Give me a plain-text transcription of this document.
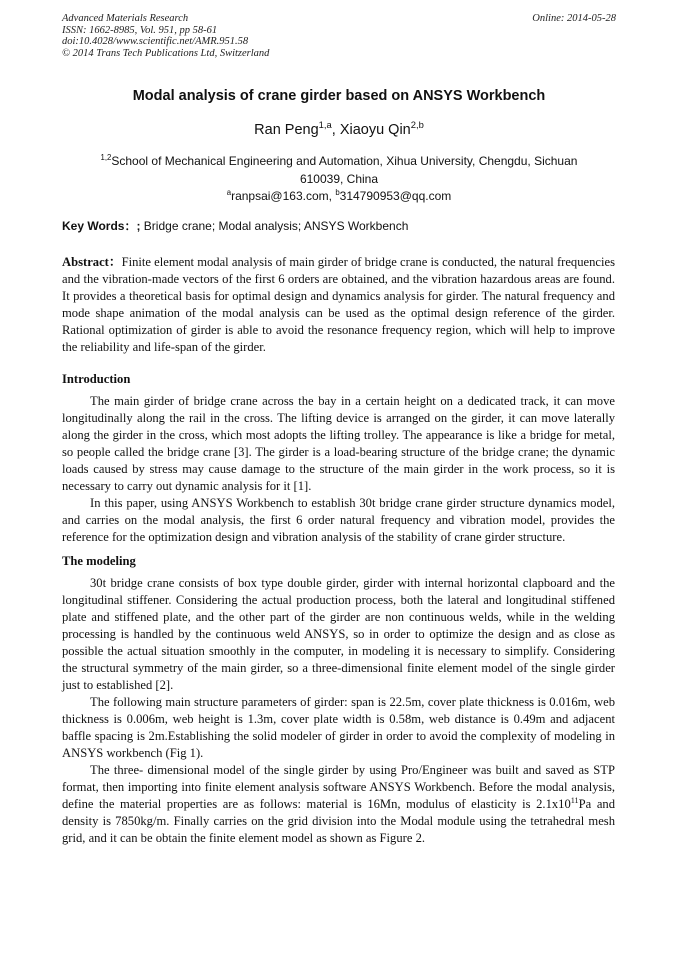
Advanced Materials Research
ISSN: 1662-8985, Vol. 951, pp 58-61
doi:10.4028/www.scientific.net/AMR.951.58
© 2014 Trans Tech Publications Ltd, Switzerland
Online: 2014-05-28
Modal analysis of crane girder based on ANSYS Workbench
Ran Peng$^{1,a}$, Xiaoyu Qin$^{2,b}$
$^{1,2}$School of Mechanical Engineering and Automation, Xihua University, Chengdu, Sichuan
610039, China
$^a$ranpsai@163.com, $^b$314790953@qq.com
Key Words：; Bridge crane; Modal analysis; ANSYS Workbench

Abstract：Finite element modal analysis of main girder of bridge crane is conducted, the natural frequencies and the vibration-made vectors of the first 6 orders are obtained, and the vibration hazardous areas are found. It provides a theoretical basis for optimal design and dynamics analysis for girder. The natural frequency and mode shape animation of the modal analysis can be used as the optimal design reference of the girder. Rational optimization of girder is able to avoid the resonance frequency region, which will help to improve the reliability and life-span of the girder.

Introduction

The main girder of bridge crane across the bay in a certain height on a dedicated track, it can move longitudinally along the rail in the cross. The lifting device is arranged on the girder, it can move laterally along the girder in the cross, which most adopts the lifting trolley. The appearance is like a bridge for metal, so people called the bridge crane [3]. The girder is a load-bearing structure of the bridge crane; the dynamic loads caused by stress may cause damage to the structure of the main girder in the work process, so it is necessary to carry out dynamic analysis for it [1].

In this paper, using ANSYS Workbench to establish 30t bridge crane girder structure dynamics model, and carries on the modal analysis, the first 6 order natural frequency and vibration model, provides the reference for the optimization design and vibration analysis of the stability of crane girder structure.

The modeling

30t bridge crane consists of box type double girder, girder with internal horizontal clapboard and the longitudinal stiffener. Considering the actual production process, both the lateral and longitudinal stiffened plate and stiffened plate, and the other part of the girder are non continuous welds, while in the welding processing is handled by the continuous weld ANSYS, so in order to optimize the design and as close as possible the actual situation smoothly in the computer, in modeling it is necessary to simplify. Considering the structural symmetry of the main girder, so a three-dimensional finite element model of the single girder just to established [2].

The following main structure parameters of girder: span is 22.5m, cover plate thickness is 0.016m, web thickness is 0.006m, web height is 1.3m, cover plate width is 0.58m, web distance is 0.49m and adjacent baffle spacing is 2m.Establishing the solid modeler of girder in order to avoid the complexity of modeling in ANSYS workbench (Fig 1).

The three- dimensional model of the single girder by using Pro/Engineer was built and saved as STP format, then importing into finite element analysis software ANSYS Workbench. Before the modal analysis, define the material properties are as follows: material is 16Mn, modulus of elasticity is $2.1x10^{11}Pa$ and density is 7850kg/m. Finally carries on the grid division into the Modal module using the tetrahedral mesh grid, and it can be obtain the finite element model as shown as Figure 2.
